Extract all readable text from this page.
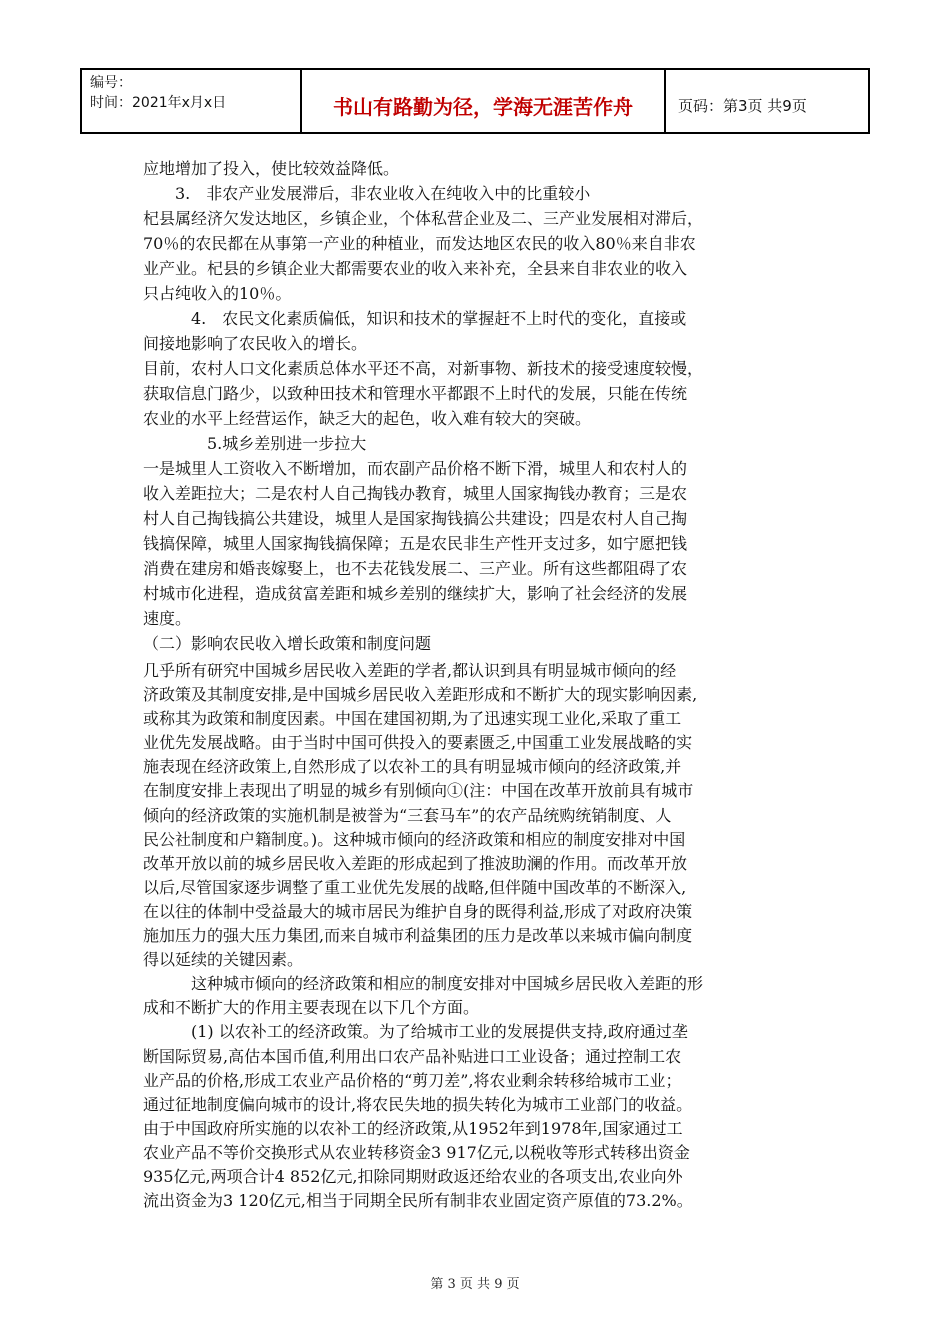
编号：
时间：2021年x月x日	书山有路勤为径，学海无涯苦作舟	页码：第3页 共9页

应地增加了投入，使比较效益降低。

　　3.　非农产业发展滞后，非农业收入在纯收入中的比重较小

杞县属经济欠发达地区，乡镇企业，个体私营企业及二、三产业发展相对滞后，

70％的农民都在从事第一产业的种植业，而发达地区农民的收入80％来自非农

业产业。杞县的乡镇企业大都需要农业的收入来补充，全县来自非农业的收入

只占纯收入的10％。

　　　4.　农民文化素质偏低，知识和技术的掌握赶不上时代的变化，直接或

间接地影响了农民收入的增长。

目前，农村人口文化素质总体水平还不高，对新事物、新技术的接受速度较慢，

获取信息门路少，以致种田技术和管理水平都跟不上时代的发展，只能在传统

农业的水平上经营运作，缺乏大的起色，收入难有较大的突破。

　　　　5.城乡差别进一步拉大

一是城里人工资收入不断增加，而农副产品价格不断下滑，城里人和农村人的

收入差距拉大；二是农村人自己掏钱办教育，城里人国家掏钱办教育；三是农

村人自己掏钱搞公共建设，城里人是国家掏钱搞公共建设；四是农村人自己掏

钱搞保障，城里人国家掏钱搞保障；五是农民非生产性开支过多，如宁愿把钱

消费在建房和婚丧嫁娶上，也不去花钱发展二、三产业。所有这些都阻碍了农

村城市化进程，造成贫富差距和城乡差别的继续扩大，影响了社会经济的发展

速度。

（二）影响农民收入增长政策和制度问题

几乎所有研究中国城乡居民收入差距的学者,都认识到具有明显城市倾向的经

济政策及其制度安排,是中国城乡居民收入差距形成和不断扩大的现实影响因素,

或称其为政策和制度因素。中国在建国初期,为了迅速实现工业化,采取了重工

业优先发展战略。由于当时中国可供投入的要素匮乏,中国重工业发展战略的实

施表现在经济政策上,自然形成了以农补工的具有明显城市倾向的经济政策,并

在制度安排上表现出了明显的城乡有别倾向①(注：中国在改革开放前具有城市

倾向的经济政策的实施机制是被誉为“三套马车”的农产品统购统销制度、人

民公社制度和户籍制度。)。这种城市倾向的经济政策和相应的制度安排对中国

改革开放以前的城乡居民收入差距的形成起到了推波助澜的作用。而改革开放

以后,尽管国家逐步调整了重工业优先发展的战略,但伴随中国改革的不断深入,

在以往的体制中受益最大的城市居民为维护自身的既得利益,形成了对政府决策

施加压力的强大压力集团,而来自城市利益集团的压力是改革以来城市偏向制度

得以延续的关键因素。

　　　这种城市倾向的经济政策和相应的制度安排对中国城乡居民收入差距的形

成和不断扩大的作用主要表现在以下几个方面。

　　　(1) 以农补工的经济政策。为了给城市工业的发展提供支持,政府通过垄

断国际贸易,高估本国币值,利用出口农产品补贴进口工业设备；通过控制工农

业产品的价格,形成工农业产品价格的“剪刀差”,将农业剩余转移给城市工业；

通过征地制度偏向城市的设计,将农民失地的损失转化为城市工业部门的收益。

由于中国政府所实施的以农补工的经济政策,从1952年到1978年,国家通过工

农业产品不等价交换形式从农业转移资金3 917亿元,以税收等形式转移出资金

935亿元,两项合计4 852亿元,扣除同期财政返还给农业的各项支出,农业向外

流出资金为3 120亿元,相当于同期全民所有制非农业固定资产原值的73.2%。

第 3 页 共 9 页
